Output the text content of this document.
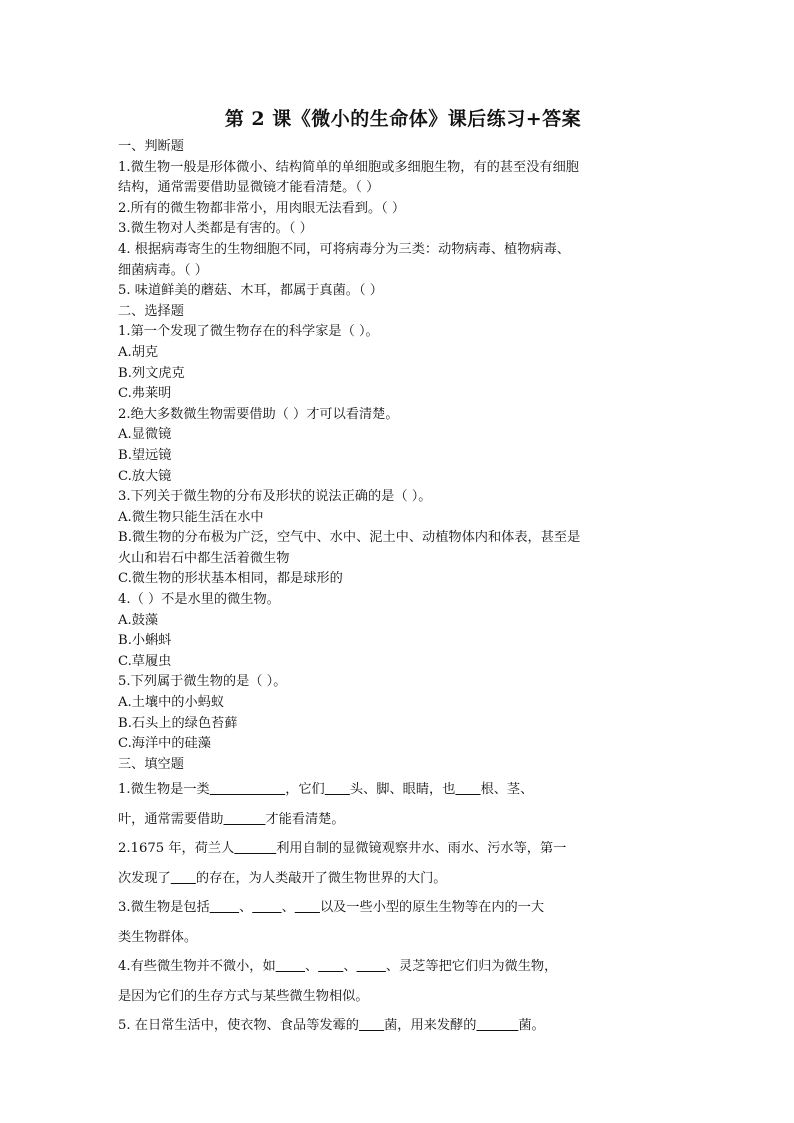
第 2 课《微小的生命体》课后练习+答案
一、判断题
1.微生物一般是形体微小、结构简单的单细胞或多细胞生物，有的甚至没有细胞
结构，通常需要借助显微镜才能看清楚。（ ）
2.所有的微生物都非常小，用肉眼无法看到。（ ）
3.微生物对人类都是有害的。（ ）
4. 根据病毒寄生的生物细胞不同，可将病毒分为三类：动物病毒、植物病毒、
细菌病毒。（ ）
5. 味道鲜美的蘑菇、木耳，都属于真菌。（ ）
二、选择题
1.第一个发现了微生物存在的科学家是（ ）。
A.胡克
B.列文虎克
C.弗莱明
2.绝大多数微生物需要借助（ ）才可以看清楚。
A.显微镜
B.望远镜
C.放大镜
3.下列关于微生物的分布及形状的说法正确的是（ ）。
A.微生物只能生活在水中
B.微生物的分布极为广泛，空气中、水中、泥土中、动植物体内和体表，甚至是
火山和岩石中都生活着微生物
C.微生物的形状基本相同，都是球形的
4.（ ）不是水里的微生物。
A.鼓藻
B.小蝌蚪
C.草履虫
5.下列属于微生物的是（ ）。
A.土壤中的小蚂蚁
B.石头上的绿色苔藓
C.海洋中的硅藻
三、填空题
1.微生物是一类	，它们 头、脚、眼睛，也 根、茎、
叶，通常需要借助	才能看清楚。
2.1675 年，荷兰人	利用自制的显微镜观察井水、雨水、污水等，第一
次发现了 的存在，为人类敲开了微生物世界的大门。
3.微生物是包括 、 、 以及一些小型的原生生物等在内的一大
类生物群体。
4.有些微生物并不微小，如 、 、 、灵芝等把它们归为微生物，
是因为它们的生存方式与某些微生物相似。
5. 在日常生活中，使衣物、食品等发霉的 菌，用来发酵的	菌。
